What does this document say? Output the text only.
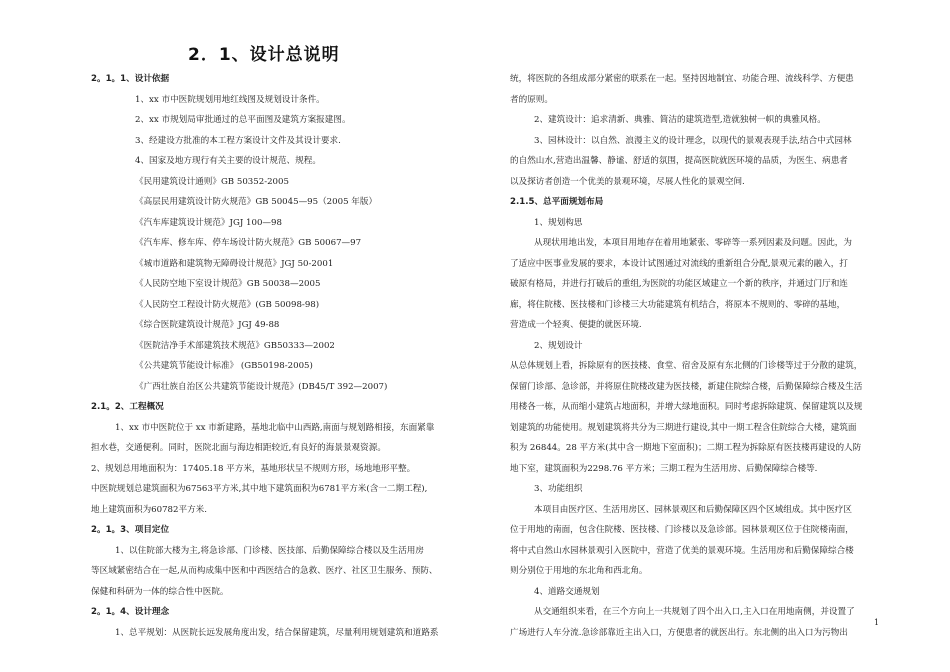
2．1、设计总说明
2。1。1、设计依据

1、xx 市中医院规划用地红线图及规划设计条件。

2、xx 市规划局审批通过的总平面图及建筑方案报建图。

3、经建设方批准的本工程方案设计文件及其设计要求.

4、国家及地方现行有关主要的设计规范、规程。

《民用建筑设计通则》GB 50352-2005

《高层民用建筑设计防火规范》GB 50045—95（2005 年版）

《汽车库建筑设计规范》JGJ 100—98

《汽车库、修车库、停车场设计防火规范》GB 50067—97

《城市道路和建筑物无障碍设计规范》JGJ 50-2001

《人民防空地下室设计规范》GB 50038—2005

《人民防空工程设计防火规范》(GB 50098-98)

《综合医院建筑设计规范》JGJ 49-88

《医院洁净手术部建筑技术规范》GB50333—2002

《公共建筑节能设计标准》 (GB50198-2005)

《广西壮族自治区公共建筑节能设计规范》(DB45/T 392—2007)

2.1。2、工程概况

1、xx 市中医院位于 xx 市新建路，基地北临中山西路,南面与规划路相接，东面紧靠

担水巷，交通便利。同时，医院北面与海边相距较近,有良好的海景景观资源。

2、规划总用地面积为：17405.18 平方米，基地形状呈不规则方形，场地地形平整。

中医院规划总建筑面积为67563平方米,其中地下建筑面积为6781平方米(含一二期工程),

地上建筑面积为60782平方米.

2。1。3、项目定位

1、以住院部大楼为主,将急诊部、门诊楼、医技部、后勤保障综合楼以及生活用房

等区域紧密结合在一起,从而构成集中医和中西医结合的急救、医疗、社区卫生服务、预防、

保健和科研为一体的综合性中医院。

2。1。4、设计理念

1、总平规划：从医院长远发展角度出发，结合保留建筑，尽量利用规划建筑和道路系

统，将医院的各组成部分紧密的联系在一起。坚持因地制宜、功能合理、流线科学、方便患

者的原则。

2、建筑设计：追求清新、典雅、简洁的建筑造型,造就独树一帜的典雅风格。

3、园林设计：以自然、浪漫主义的设计理念，以现代的景观表现手法,结合中式园林

的自然山水,营造出温馨、静谧、舒适的氛围，提高医院就医环境的品质，为医生、病患者

以及探访者创造一个优美的景观环境，尽展人性化的景观空间.

2.1.5、总平面规划布局

1、规划构思

从现状用地出发，本项目用地存在着用地紧张、零碎等一系列因素及问题。因此，为

了适应中医事业发展的要求，本设计试图通过对流线的重新组合分配,景观元素的融入，打

破原有格局，并进行打破后的重组,为医院的功能区域建立一个新的秩序，并通过门厅和连

廊，将住院楼、医技楼和门诊楼三大功能建筑有机结合，将原本不规则的、零碎的基地，

营造成一个轻爽、便捷的就医环境.

2、规划设计

从总体规划上看，拆除原有的医技楼、食堂、宿舍及原有东北侧的门诊楼等过于分散的建筑，

保留门诊部、急诊部，并将原住院楼改建为医技楼，新建住院综合楼，后勤保障综合楼及生活

用楼各一栋，从而缩小建筑占地面积，并增大绿地面积。同时考虑拆除建筑、保留建筑以及规

划建筑的功能使用。规划建筑将共分为三期进行建设,其中一期工程含住院综合大楼，建筑面

积为 26844。28 平方米(其中含一期地下室面积)；二期工程为拆除原有医技楼再建设的人防

地下室，建筑面积为2298.76 平方米；三期工程为生活用房、后勤保障综合楼等.

3、功能组织

本项目由医疗区、生活用房区、园林景观区和后勤保障区四个区域组成。其中医疗区

位于用地的南面，包含住院楼、医技楼、门诊楼以及急诊部。园林景观区位于住院楼南面，

将中式自然山水园林景观引入医院中，营造了优美的景观环境。生活用房和后勤保障综合楼

则分别位于用地的东北角和西北角。

4、道路交通规划

从交通组织来看，在三个方向上一共规划了四个出入口,主入口在用地南侧，并设置了

广场进行人车分流.急诊部靠近主出入口，方便患者的就医出行。东北侧的出入口为污物出

1
